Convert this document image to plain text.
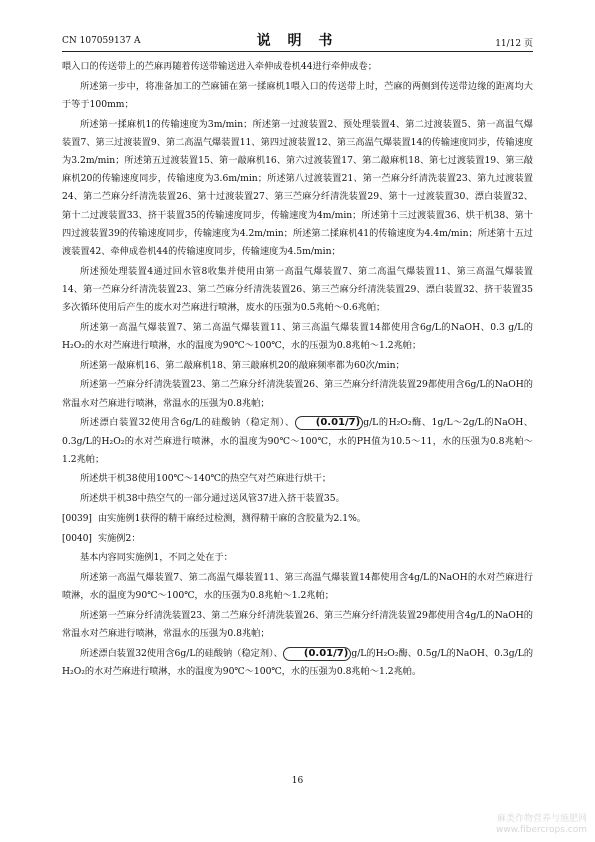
CN 107059137 A	说 明 书	11/12 页

喂入口的传送带上的苎麻再随着传送带输送进入牵伸成卷机44进行牵伸成卷；

所述第一步中，将准备加工的苎麻铺在第一揉麻机1喂入口的传送带上时，苎麻的两侧到传送带边缘的距离均大于等于100mm；

所述第一揉麻机1的传输速度为3m/min；所述第一过渡装置2、预处理装置4、第二过渡装置5、第一高温气爆装置7、第三过渡装置9、第二高温气爆装置11、第四过渡装置12、第三高温气爆装置14的传输速度同步，传输速度为3.2m/min；所述第五过渡装置15、第一敲麻机16、第六过渡装置17、第二敲麻机18、第七过渡装置19、第三敲麻机20的传输速度同步，传输速度为3.6m/min；所述第八过渡装置21、第一苎麻分纤清洗装置23、第九过渡装置24、第二苎麻分纤清洗装置26、第十过渡装置27、第三苎麻分纤清洗装置29、第十一过渡装置30、漂白装置32、第十二过渡装置33、挤干装置35的传输速度同步，传输速度为4m/min；所述第十三过渡装置36、烘干机38、第十四过渡装置39的传输速度同步，传输速度为4.2m/min；所述第二揉麻机41的传输速度为4.4m/min；所述第十五过渡装置42、牵伸成卷机44的传输速度同步，传输速度为4.5m/min；

所述预处理装置4通过回水管8收集并使用由第一高温气爆装置7、第二高温气爆装置11、第三高温气爆装置14、第一苎麻分纤清洗装置23、第二苎麻分纤清洗装置26、第三苎麻分纤清洗装置29、漂白装置32、挤干装置35多次循环使用后产生的废水对苎麻进行喷淋，废水的压强为0.5兆帕～0.6兆帕；

所述第一高温气爆装置7、第二高温气爆装置11、第三高温气爆装置14都使用含6g/L的NaOH、0.3 g/L的H₂O₂的水对苎麻进行喷淋，水的温度为90℃～100℃，水的压强为0.8兆帕～1.2兆帕；

所述第一敲麻机16、第二敲麻机18、第三敲麻机20的敲麻频率都为60次/min；

所述第一苎麻分纤清洗装置23、第二苎麻分纤清洗装置26、第三苎麻分纤清洗装置29都使用含6g/L的NaOH的常温水对苎麻进行喷淋，常温水的压强为0.8兆帕；

所述漂白装置32使用含6g/L的硅酸钠（稳定剂）、 (0.01/7) g/L的H₂O₂酶、1g/L～2g/L的NaOH、0.3g/L的H₂O₂的水对苎麻进行喷淋，水的温度为90℃～100℃，水的PH值为10.5～11，水的压强为0.8兆帕～1.2兆帕；

所述烘干机38使用100℃～140℃的热空气对苎麻进行烘干；

所述烘干机38中热空气的一部分通过送风管37进入挤干装置35。

[0039] 由实施例1获得的精干麻经过检测，测得精干麻的含胶量为2.1%。

[0040] 实施例2：

基本内容同实施例1，不同之处在于：

所述第一高温气爆装置7、第二高温气爆装置11、第三高温气爆装置14都使用含4g/L的NaOH的水对苎麻进行喷淋，水的温度为90℃～100℃，水的压强为0.8兆帕～1.2兆帕；

所述第一苎麻分纤清洗装置23、第二苎麻分纤清洗装置26、第三苎麻分纤清洗装置29都使用含4g/L的NaOH的常温水对苎麻进行喷淋，常温水的压强为0.8兆帕；

所述漂白装置32使用含6g/L的硅酸钠（稳定剂）、 (0.01/7) g/L的H₂O₂酶、0.5g/L的NaOH、0.3g/L的H₂O₂的水对苎麻进行喷淋，水的温度为90℃～100℃，水的压强为0.8兆帕～1.2兆帕。

16
麻类作物营养与施肥网
www.fibercrops.com
